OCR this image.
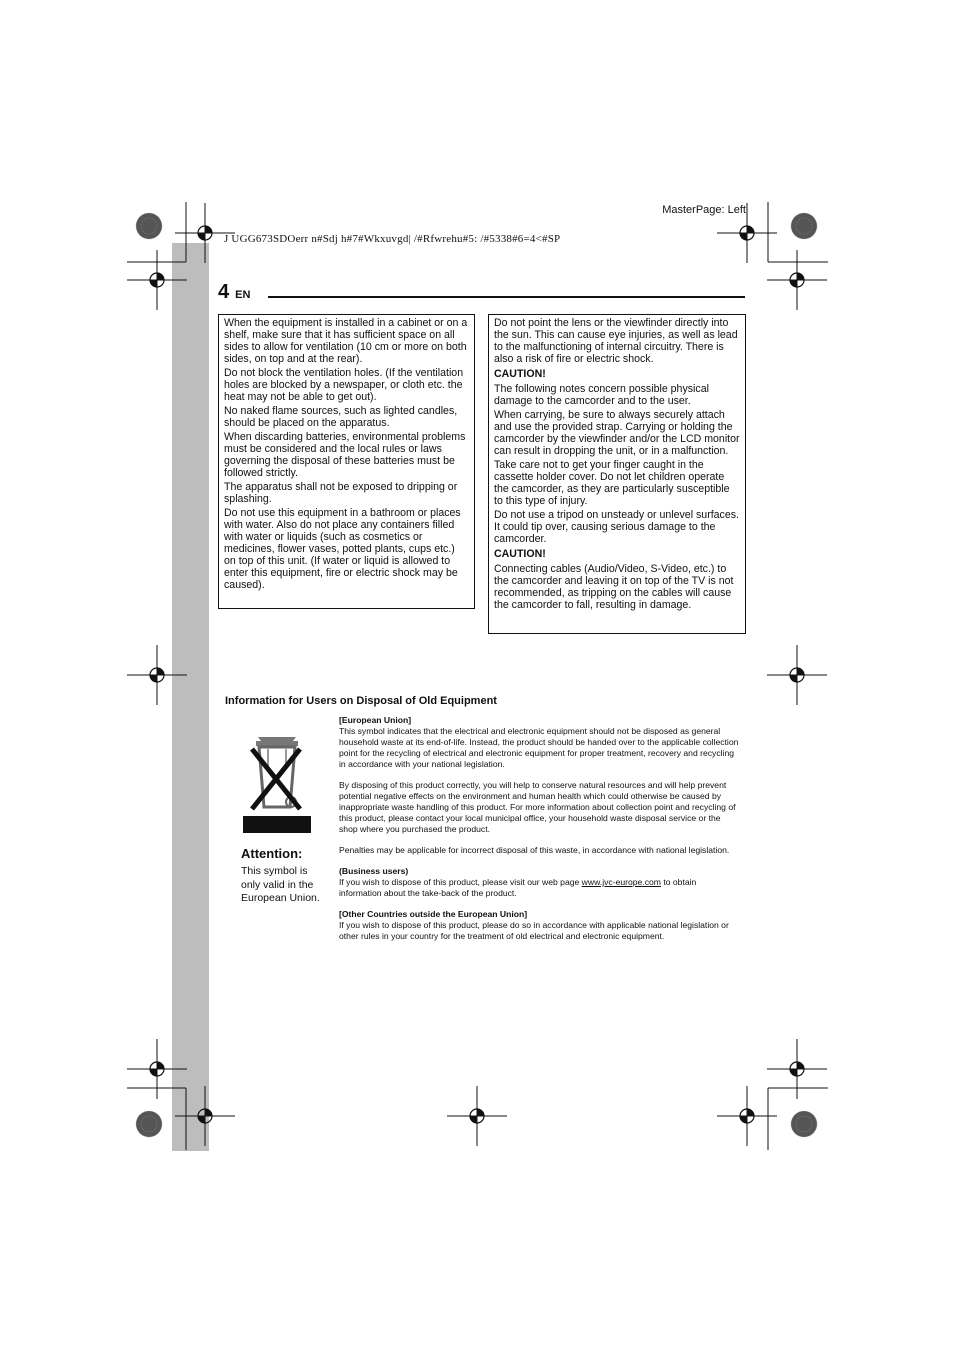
MasterPage: Left
J UGG673SDOerr n#Sdj h#7#Wkxuvgd| /#Rfwrehu#5: /#5338#6=4<#SP
4 EN

When the equipment is installed in a cabinet or on a shelf, make sure that it has sufficient space on all sides to allow for ventilation (10 cm or more on both sides, on top and at the rear).

Do not block the ventilation holes. (If the ventilation holes are blocked by a newspaper, or cloth etc. the heat may not be able to get out).

No naked flame sources, such as lighted candles, should be placed on the apparatus.

When discarding batteries, environmental problems must be considered and the local rules or laws governing the disposal of these batteries must be followed strictly.

The apparatus shall not be exposed to dripping or splashing.

Do not use this equipment in a bathroom or places with water. Also do not place any containers filled with water or liquids (such as cosmetics or medicines, flower vases, potted plants, cups etc.) on top of this unit. (If water or liquid is allowed to enter this equipment, fire or electric shock may be caused).

Do not point the lens or the viewfinder directly into the sun. This can cause eye injuries, as well as lead to the malfunctioning of internal circuitry. There is also a risk of fire or electric shock.

CAUTION!

The following notes concern possible physical damage to the camcorder and to the user.

When carrying, be sure to always securely attach and use the provided strap. Carrying or holding the camcorder by the viewfinder and/or the LCD monitor can result in dropping the unit, or in a malfunction.

Take care not to get your finger caught in the cassette holder cover. Do not let children operate the camcorder, as they are particularly susceptible to this type of injury.

Do not use a tripod on unsteady or unlevel surfaces. It could tip over, causing serious damage to the camcorder.

CAUTION!

Connecting cables (Audio/Video, S-Video, etc.) to the camcorder and leaving it on top of the TV is not recommended, as tripping on the cables will cause the camcorder to fall, resulting in damage.

Information for Users on Disposal of Old Equipment
Attention:
This symbol is only valid in the European Union.

[European Union]

This symbol indicates that the electrical and electronic equipment should not be disposed as general household waste at its end-of-life. Instead, the product should be handed over to the applicable collection point for the recycling of electrical and electronic equipment for proper treatment, recovery and recycling in accordance with your national legislation.

By disposing of this product correctly, you will help to conserve natural resources and will help prevent potential negative effects on the environment and human health which could otherwise be caused by inappropriate waste handling of this product. For more information about collection point and recycling of this product, please contact your local municipal office, your household waste disposal service or the shop where you purchased the product.

Penalties may be applicable for incorrect disposal of this waste, in accordance with national legislation.

(Business users)

If you wish to dispose of this product, please visit our web page www.jvc-europe.com to obtain information about the take-back of the product.

[Other Countries outside the European Union]

If you wish to dispose of this product, please do so in accordance with applicable national legislation or other rules in your country for the treatment of old electrical and electronic equipment.
